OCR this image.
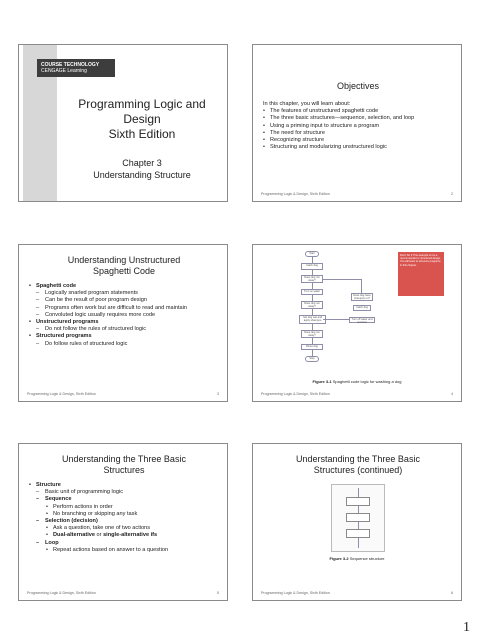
COURSE TECHNOLOGY
CENGAGE Learning
Programming Logic and
Design
Sixth Edition
Chapter 3
Understanding Structure
Objectives
In this chapter, you will learn about:
• The features of unstructured spaghetti code
• The three basic structures—sequence, selection, and loop
• Using a priming input to structure a program
• The need for structure
• Recognizing structure
• Structuring and modularizing unstructured logic
Programming Logic & Design, Sixth Edition	2
Understanding Unstructured
Spaghetti Code
• Spaghetti code
– Logically snarled program statements
– Can be the result of poor program design
– Programs often work but are difficult to read and maintain
– Convoluted logic usually requires more code
• Unstructured programs
– Do not follow the rules of structured logic
• Structured programs
– Do follow rules of structured logic
Programming Logic & Design, Sixth Edition	3
Start
Catch dog
Does dog run away?
Turn on water
Does dog run away?
Get dog wet and apply shampoo
Does dog run away?
Rinse dog
Stop
Does dog have shampoo on?
Catch dog
Turn off water and sprocket
Don't Do It This example is not a recommended or structured design. You will learn to structure programs in this chapter.
Figure 3-1 Spaghetti code logic for washing a dog
Programming Logic & Design, Sixth Edition	4
Understanding the Three Basic
Structures
• Structure
– Basic unit of programming logic
– Sequence
• Perform actions in order
• No branching or skipping any task
– Selection (decision)
• Ask a question, take one of two actions
• Dual-alternative or single-alternative ifs
– Loop
• Repeat actions based on answer to a question
Programming Logic & Design, Sixth Edition	5
Understanding the Three Basic
Structures (continued)
Figure 3-2 Sequence structure
Programming Logic & Design, Sixth Edition	6
1
